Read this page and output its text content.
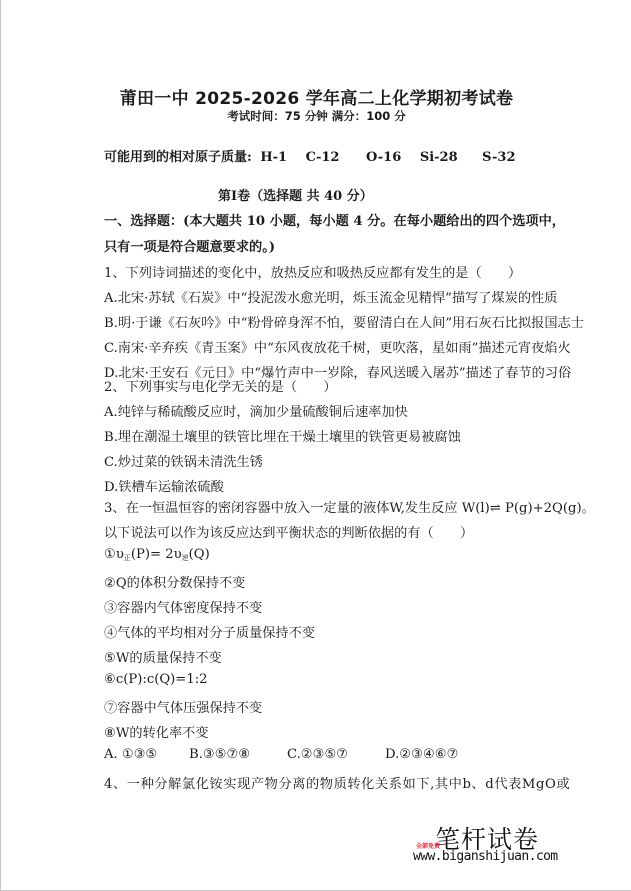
莆田一中 2025-2026 学年高二上化学期初考试卷
考试时间：75 分钟 满分：100 分
可能用到的相对原子质量: H-1 C-12 O-16 Si-28 S-32
第Ⅰ卷（选择题 共 40 分）
一、选择题：(本大题共 10 小题，每小题 4 分。在每小题给出的四个选项中，
只有一项是符合题意要求的。)
1、下列诗词描述的变化中，放热反应和吸热反应都有发生的是（　　）
A.北宋·苏轼《石炭》中“投泥泼水愈光明，烁玉流金见精悍”描写了煤炭的性质
B.明·于谦《石灰吟》中“粉骨碎身浑不怕，要留清白在人间”用石灰石比拟报国志士
C.南宋·辛弃疾《青玉案》中“东风夜放花千树，更吹落，星如雨”描述元宵夜焰火
D.北宋·王安石《元日》中“爆竹声中一岁除，春风送暖入屠苏”描述了春节的习俗
2、下列事实与电化学无关的是（　　）
A.纯锌与稀硫酸反应时，滴加少量硫酸铜后速率加快
B.埋在潮湿土壤里的铁管比埋在干燥土壤里的铁管更易被腐蚀
C.炒过菜的铁锅未清洗生锈
D.铁槽车运输浓硫酸
3、在一恒温恒容的密闭容器中放入一定量的液体W,发生反应 W(l)⇌ P(g)+2Q(g)。
以下说法可以作为该反应达到平衡状态的判断依据的有（　　）
$①\upsilon_正(P)= 2\upsilon_逆(Q)$
②Q的体积分数保持不变
③容器内气体密度保持不变
④气体的平均相对分子质量保持不变
⑤W的质量保持不变
⑥c(P):c(Q)=1:2
⑦容器中气体压强保持不变
⑧W的转化率不变
A. ①③⑤ B.③⑤⑦⑧	C.②③⑤⑦	D.②③④⑥⑦
4、一种分解氯化铵实现产物分离的物质转化关系如下,其中b、d代表MgO或
笔杆试卷
全部免费
www.biganshijuan.com
